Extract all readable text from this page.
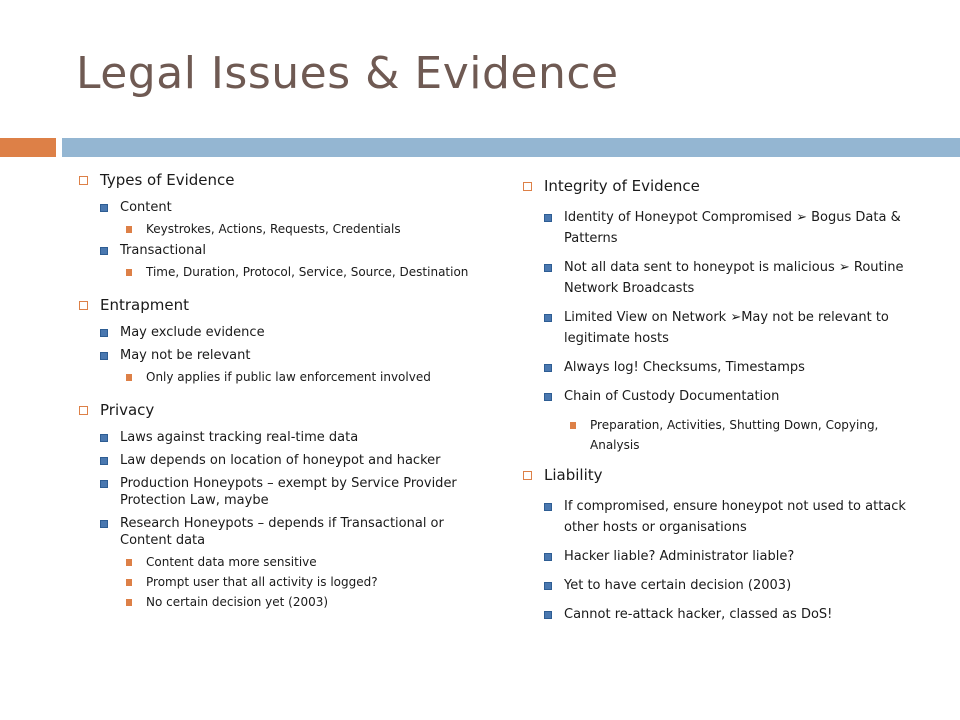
Legal Issues & Evidence
Types of Evidence
Content
Keystrokes, Actions, Requests, Credentials
Transactional
Time, Duration, Protocol, Service, Source, Destination
Entrapment
May exclude evidence
May not be relevant
Only applies if public law enforcement involved
Privacy
Laws against tracking real-time data
Law depends on location of honeypot and hacker
Production Honeypots – exempt by Service Provider Protection Law, maybe
Research Honeypots – depends if Transactional or Content data
Content data more sensitive
Prompt user that all activity is logged?
No certain decision yet (2003)
Integrity of Evidence
Identity of Honeypot Compromised ➢ Bogus Data & Patterns
Not all data sent to honeypot is malicious ➢ Routine Network Broadcasts
Limited View on Network ➢May not be relevant to legitimate hosts
Always log! Checksums, Timestamps
Chain of Custody Documentation
Preparation, Activities, Shutting Down, Copying, Analysis
Liability
If compromised, ensure honeypot not used to attack other hosts or organisations
Hacker liable? Administrator liable?
Yet to have certain decision (2003)
Cannot re-attack hacker, classed as DoS!
